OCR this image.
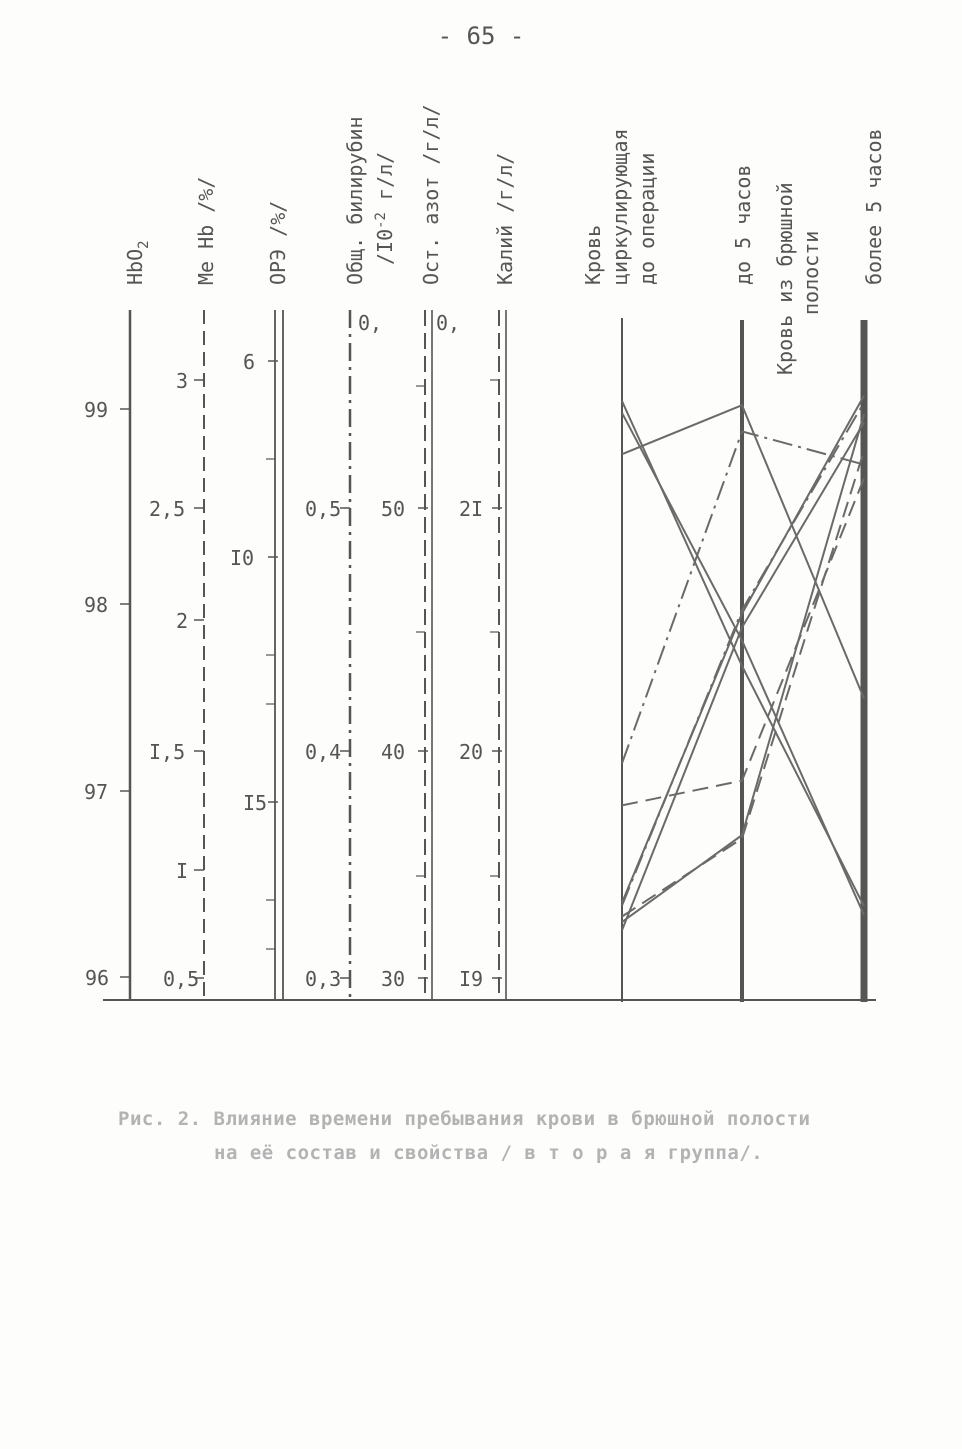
- 65 -
96
97
98
99
HbO$_2$
0,5
I
I,5
2
2,5
3
Me Hb /%/
6
I0
I5
ОРЭ /%/
0,3
0,4
0,5
0,
Общ. билирубин
30
40
50
0,
Ост. азот /г/л/
I9
20
2I
Калий /г/л/
$/I0^{-2}$ г/л/
Кровь циркулирующая до операции	до 5 часов	более 5 часов
Кровь из брюшной полости
Рис. 2. Влияние времени пребывания крови в брюшной полости
на её состав и свойства / в т о р а я группа/.
